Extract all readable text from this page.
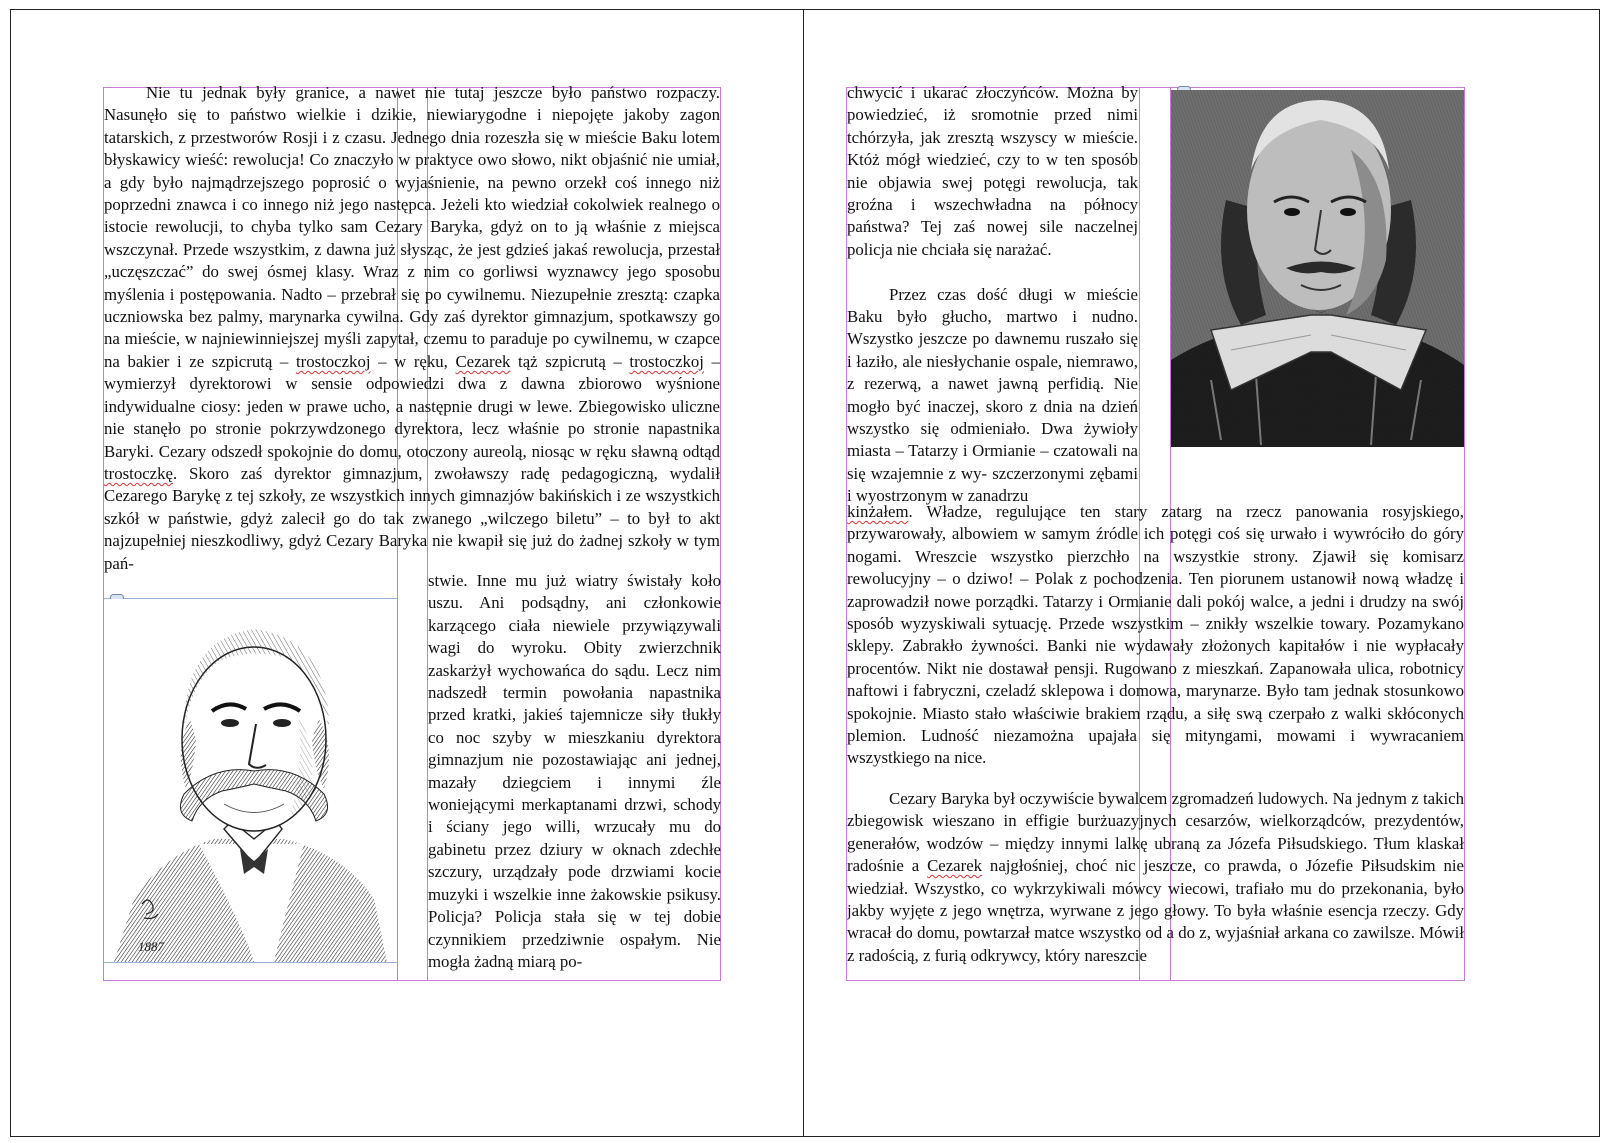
Nie tu jednak były granice, a nawet nie tutaj jeszcze było państwo rozpaczy. Nasunęło się to państwo wielkie i dzikie, niewiarygodne i niepojęte jakoby zagon tatarskich, z przestworów Rosji i z czasu. Jednego dnia rozeszła się w mieście Baku lotem błyskawicy wieść: rewolucja! Co znaczyło w praktyce owo słowo, nikt objaśnić nie umiał, a gdy było najmądrzejszego poprosić o wyjaśnienie, na pewno orzekł coś innego niż poprzedni znawca i co innego niż jego następca. Jeżeli kto wiedział cokolwiek realnego o istocie rewolucji, to chyba tylko sam Cezary Baryka, gdyż on to ją właśnie z miejsca wszczynał. Przede wszystkim, z dawna już słysząc, że jest gdzieś jakaś rewolucja, przestał „uczęszczać” do swej ósmej klasy. Wraz z nim co gorliwsi wyznawcy jego sposobu myślenia i postępowania. Nadto – przebrał się po cywilnemu. Niezupełnie zresztą: czapka uczniowska bez palmy, marynarka cywilna. Gdy zaś dyrektor gimnazjum, spotkawszy go na mieście, w najniewinniejszej myśli zapytał, czemu to paraduje po cywilnemu, w czapce na bakier i ze szpicrutą – trostoczkoj – w ręku, Cezarek tąż szpicrutą – trostoczkoj – wymierzył dyrektorowi w sensie odpowiedzi dwa z dawna zbiorowo wyśnione indywidualne ciosy: jeden w prawe ucho, a następnie drugi w lewe. Zbiegowisko uliczne nie stanęło po stronie pokrzywdzonego dyrektora, lecz właśnie po stronie napastnika Baryki. Cezary odszedł spokojnie do domu, otoczony aureolą, niosąc w ręku sławną odtąd trostoczkę. Skoro zaś dyrektor gimnazjum, zwoławszy radę pedagogiczną, wydalił Cezarego Barykę z tej szkoły, ze wszystkich innych gimnazjów bakińskich i ze wszystkich szkół w państwie, gdyż zalecił go do tak zwanego „wilczego biletu” – to był to akt najzupełniej nieszkodliwy, gdyż Cezary Baryka nie kwapił się już do żadnej szkoły w tym pań-

1887

stwie. Inne mu już wiatry świstały koło uszu. Ani podsądny, ani członkowie karzącego ciała niewiele przywiązywali wagi do wyroku. Obity zwierzchnik zaskarżył wychowańca do sądu. Lecz nim nadszedł termin powołania napastnika przed kratki, jakieś tajemnicze siły tłukły co noc szyby w mieszkaniu dyrektora gimnazjum nie pozostawiając ani jednej, mazały dziegciem i innymi źle woniejącymi merkaptanami drzwi, schody i ściany jego willi, wrzucały mu do gabinetu przez dziury w oknach zdechłe szczury, urządzały pode drzwiami kocie muzyki i wszelkie inne żakowskie psikusy. Policja? Policja stała się w tej dobie czynnikiem przedziwnie ospałym. Nie mogła żadną miarą po-

chwycić i ukarać złoczyńców. Można by powiedzieć, iż sromotnie przed nimi tchórzyła, jak zresztą wszyscy w mieście. Któż mógł wiedzieć, czy to w ten sposób nie objawia swej potęgi rewolucja, tak groźna i wszechwładna na północy państwa? Tej zaś nowej sile naczelnej policja nie chciała się narażać.

Przez czas dość długi w mieście Baku było głucho, martwo i nudno. Wszystko jeszcze po dawnemu ruszało się i łaziło, ale niesłychanie ospale, niemrawo, z rezerwą, a nawet jawną perfidią. Nie mogło być inaczej, skoro z dnia na dzień wszystko się odmieniało. Dwa żywioły miasta – Tatarzy i Ormianie – czatowali na się wzajemnie z wy- szczerzonymi zębami i wyostrzonym w zanadrzu

kinżałem. Władze, regulujące ten stary zatarg na rzecz panowania rosyjskiego, przywarowały, albowiem w samym źródle ich potęgi coś się urwało i wywróciło do góry nogami. Wreszcie wszystko pierzchło na wszystkie strony. Zjawił się komisarz rewolucyjny – o dziwo! – Polak z pochodzenia. Ten piorunem ustanowił nową władzę i zaprowadził nowe porządki. Tatarzy i Ormianie dali pokój walce, a jedni i drudzy na swój sposób wyzyskiwali sytuację. Przede wszystkim – znikły wszelkie towary. Pozamykano sklepy. Zabrakło żywności. Banki nie wydawały złożonych kapitałów i nie wypłacały procentów. Nikt nie dostawał pensji. Rugowano z mieszkań. Zapanowała ulica, robotnicy naftowi i fabryczni, czeladź sklepowa i domowa, marynarze. Było tam jednak stosunkowo spokojnie. Miasto stało właściwie brakiem rządu, a siłę swą czerpało z walki skłóconych plemion. Ludność niezamożna upajała się mityngami, mowami i wywracaniem wszystkiego na nice.

Cezary Baryka był oczywiście bywalcem zgromadzeń ludowych. Na jednym z takich zbiegowisk wieszano in effigie burżuazyjnych cesarzów, wielkorządców, prezydentów, generałów, wodzów – między innymi lalkę ubraną za Józefa Piłsudskiego. Tłum klaskał radośnie a Cezarek najgłośniej, choć nic jeszcze, co prawda, o Józefie Piłsudskim nie wiedział. Wszystko, co wykrzykiwali mówcy wiecowi, trafiało mu do przekonania, było jakby wyjęte z jego wnętrza, wyrwane z jego głowy. To była właśnie esencja rzeczy. Gdy wracał do domu, powtarzał matce wszystko od a do z, wyjaśniał arkana co zawilsze. Mówił z radością, z furią odkrywcy, który nareszcie
